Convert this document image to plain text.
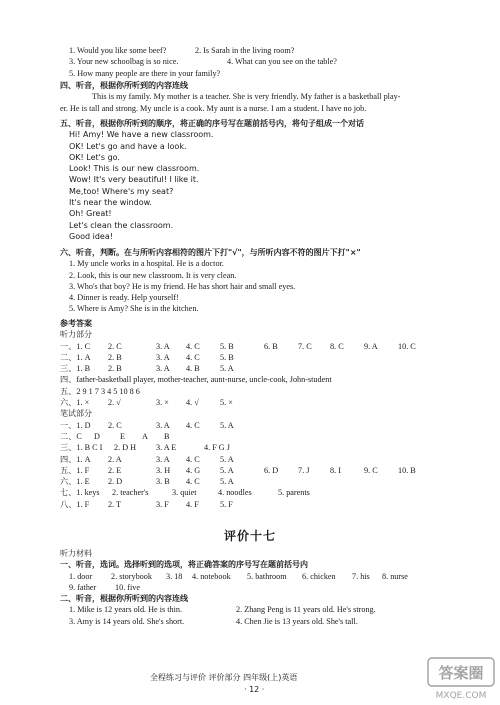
1. Would you like some beef?	2. Is Sarah in the living room?
3. Your new schoolbag is so nice.	4. What can you see on the table?
5. How many people are there in your family?
四、听音，根据你所听到的内容连线
This is my family. My mother is a teacher. She is very friendly. My father is a basketball play-
er. He is tall and strong. My uncle is a cook. My aunt is a nurse. I am a student. I have no job.
五、听音，根据你所听到的顺序，将正确的序号写在题前括号内，将句子组成一个对话
Hi! Amy! We have a new classroom.
OK! Let's go and have a look.
OK! Let's go.
Look! This is our new classroom.
Wow! It's very beautiful! I like it.
Me,too! Where's my seat?
It's near the window.
Oh! Great!
Let's clean the classroom.
Good idea!
六、听音，判断。在与所听内容相符的图片下打"√"，与所听内容不符的图片下打"×"
1. My uncle works in a hospital. He is a doctor.
2. Look, this is our new classroom. It is very clean.
3. Who's that boy? He is my friend. He has short hair and small eyes.
4. Dinner is ready. Help yourself!
5. Where is Amy? She is in the kitchen.
参考答案
听力部分
一、1. C 2. C	3. A 4. C 5. B	6. B 7. C 8. C 9. A 10. C
二、1. A 2. B	3. A 4. C 5. B
三、1. B 2. B	3. A 4. B 5. A
四、father-basketball player, mother-teacher, aunt-nurse, uncle-cook, John-student
五、2 9 1 7 3 4 5 10 8 6
六、1. × 2. √	3. × 4. √	5. ×
笔试部分
一、1. D 2. C	3. A 4. C 5. A
二、C D E A B
三、1. B C I 2. D H 3. A E	4. F G J
四、1. A 2. A	3. A 4. C 5. A
五、1. F 2. E	3. H 4. G 5. A	6. D 7. J	8. I	9. C 10. B
六、1. E 2. D	3. B 4. C 5. A
七、1. keys 2. teacher's	3. quiet	4. noodles	5. parents
八、1. F 2. T	3. F 4. F	5. F
评价十七
听力材料
一、听音，选词。选择听到的选项，将正确答案的序号写在题前括号内
1. door 2. storybook 3. 18 4. notebook 5. bathroom 6. chicken 7. his 8. nurse
9. father 10. five
二、听音，根据你所听到的内容连线
1. Mike is 12 years old. He is thin.	2. Zhang Peng is 11 years old. He's strong.
3. Amy is 14 years old. She's short.	4. Chen Jie is 13 years old. She's tall.
全程练习与评价 评价部分 四年级(上)英语
· 12 ·
答案圈
MXQE.COM
